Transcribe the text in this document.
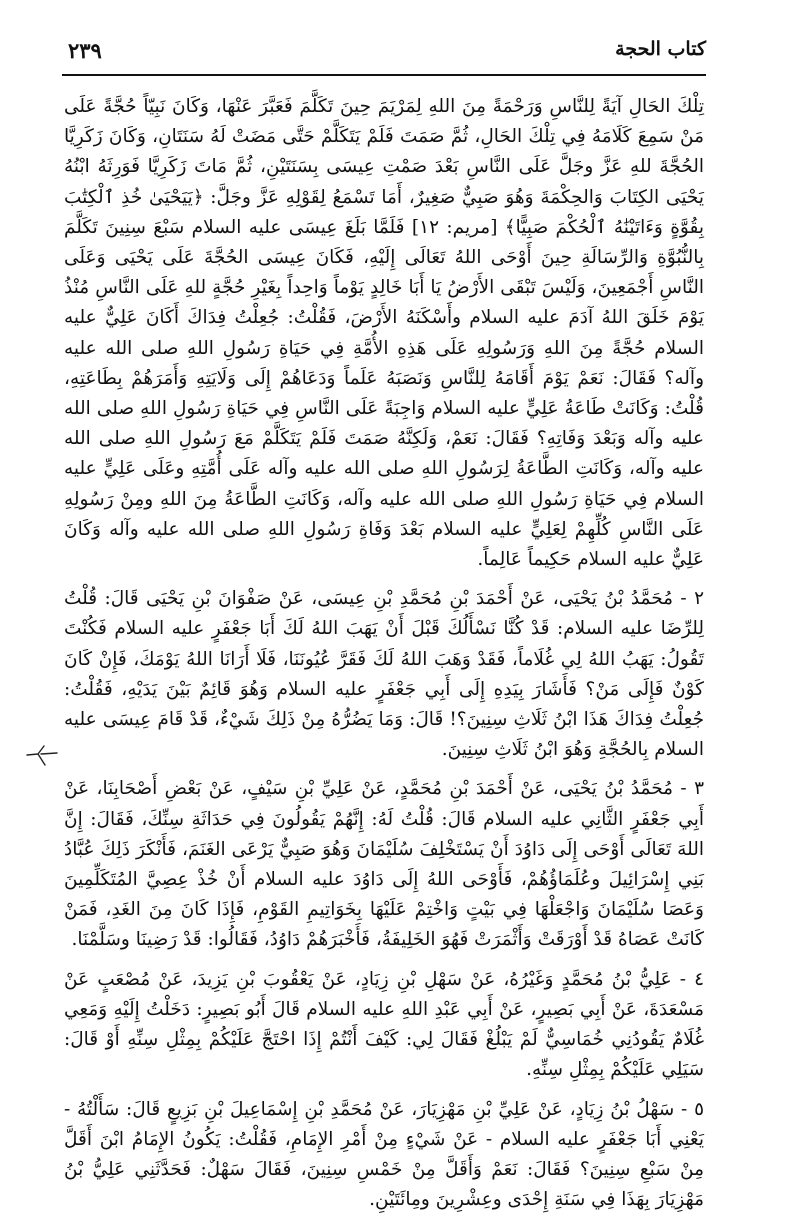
٢٣٩	كتاب الحجة

تِلْكَ الحَالِ آيَةً لِلنَّاسِ وَرَحْمَةً مِنَ اللهِ لِمَرْيَمَ حِينَ تَكَلَّمَ فَعَبَّرَ عَنْهَا، وَكَانَ نَبِيّاً حُجَّةً عَلَى مَنْ سَمِعَ كَلَامَهُ فِي تِلْكَ الحَالِ، ثُمَّ صَمَتَ فَلَمْ يَتَكَلَّمْ حَتَّى مَضَتْ لَهُ سَنَتَانِ، وَكَانَ زَكَرِيَّا الحُجَّةَ للهِ عَزَّ وجَلَّ عَلَى النَّاسِ بَعْدَ صَمْتِ عِيسَى بِسَنَتَيْنِ، ثُمَّ مَاتَ زَكَرِيَّا فَوَرِثَهُ ابْنُهُ يَحْيَى الكِتَابَ وَالحِكْمَةَ وَهُوَ صَبِيٌّ صَغِيرٌ، أَمَا تَسْمَعُ لِقَوْلِهِ عَزَّ وجَلَّ: ﴿يَيَحْيَىٰ خُذِ ٱلْكِتَٰبَ بِقُوَّةٍ وَءَاتَيْنَٰهُ ٱلْحُكْمَ صَبِيًّا﴾ [مريم: ١٢] فَلَمَّا بَلَغَ عِيسَى عليه السلام سَبْعَ سِنِينَ تَكَلَّمَ بِالنُّبُوَّةِ وَالرِّسَالَةِ حِينَ أَوْحَى اللهُ تَعَالَى إِلَيْهِ، فَكَانَ عِيسَى الحُجَّةَ عَلَى يَحْيَى وَعَلَى النَّاسِ أَجْمَعِينَ، وَلَيْسَ تَبْقَى الأَرْضُ يَا أَبَا خَالِدٍ يَوْماً وَاحِداً بِغَيْرِ حُجَّةٍ للهِ عَلَى النَّاسِ مُنْذُ يَوْمَ خَلَقَ اللهُ آدَمَ عليه السلام وأَسْكَنَهُ الأَرْضَ، فَقُلْتُ: جُعِلْتُ فِدَاكَ أَكَانَ عَلِيٌّ عليه السلام حُجَّةً مِنَ اللهِ وَرَسُولِهِ عَلَى هَذِهِ الأُمَّةِ فِي حَيَاةِ رَسُولِ اللهِ صلى الله عليه وآله؟ فَقَالَ: نَعَمْ يَوْمَ أَقَامَهُ لِلنَّاسِ وَنَصَبَهُ عَلَماً وَدَعَاهُمْ إِلَى وَلَايَتِهِ وَأَمَرَهُمْ بِطَاعَتِهِ، قُلْتُ: وَكَانَتْ طَاعَةُ عَلِيٍّ عليه السلام وَاجِبَةً عَلَى النَّاسِ فِي حَيَاةِ رَسُولِ اللهِ صلى الله عليه وآله وَبَعْدَ وَفَاتِهِ؟ فَقَالَ: نَعَمْ، وَلَكِنَّهُ صَمَتَ فَلَمْ يَتَكَلَّمْ مَعَ رَسُولِ اللهِ صلى الله عليه وآله، وَكَانَتِ الطَّاعَةُ لِرَسُولِ اللهِ صلى الله عليه وآله عَلَى أُمَّتِهِ وعَلَى عَلِيٍّ عليه السلام فِي حَيَاةِ رَسُولِ اللهِ صلى الله عليه وآله، وَكَانَتِ الطَّاعَةُ مِنَ اللهِ ومِنْ رَسُولِهِ عَلَى النَّاسِ كُلِّهِمْ لِعَلِيٍّ عليه السلام بَعْدَ وَفَاةِ رَسُولِ اللهِ صلى الله عليه وآله وَكَانَ عَلِيٌّ عليه السلام حَكِيماً عَالِماً.

٢ - مُحَمَّدُ بْنُ يَحْيَى، عَنْ أَحْمَدَ بْنِ مُحَمَّدِ بْنِ عِيسَى، عَنْ صَفْوَانَ بْنِ يَحْيَى قَالَ: قُلْتُ لِلرِّضَا عليه السلام: قَدْ كُنَّا نَسْأَلُكَ قَبْلَ أَنْ يَهَبَ اللهُ لَكَ أَبَا جَعْفَرٍ عليه السلام فَكُنْتَ تَقُولُ: يَهَبُ اللهُ لِي غُلَاماً، فَقَدْ وَهَبَ اللهُ لَكَ فَقَرَّ عُيُونَنَا، فَلَا أَرَانَا اللهُ يَوْمَكَ، فَإِنْ كَانَ كَوْنٌ فَإِلَى مَنْ؟ فَأَشَارَ بِيَدِهِ إِلَى أَبِي جَعْفَرٍ عليه السلام وَهُوَ قَائِمٌ بَيْنَ يَدَيْهِ، فَقُلْتُ: جُعِلْتُ فِدَاكَ هَذَا ابْنُ ثَلَاثِ سِنِينَ؟! قَالَ: وَمَا يَضُرُّهُ مِنْ ذَلِكَ شَيْءٌ، قَدْ قَامَ عِيسَى عليه السلام بِالحُجَّةِ وَهُوَ ابْنُ ثَلَاثِ سِنِينَ.

٣ - مُحَمَّدُ بْنُ يَحْيَى، عَنْ أَحْمَدَ بْنِ مُحَمَّدٍ، عَنْ عَلِيِّ بْنِ سَيْفٍ، عَنْ بَعْضِ أَصْحَابِنَا، عَنْ أَبِي جَعْفَرٍ الثَّانِي عليه السلام قَالَ: قُلْتُ لَهُ: إِنَّهُمْ يَقُولُونَ فِي حَدَاثَةِ سِنِّكَ، فَقَالَ: إِنَّ اللهَ تَعَالَى أَوْحَى إِلَى دَاوُدَ أَنْ يَسْتَخْلِفَ سُلَيْمَانَ وَهُوَ صَبِيٌّ يَرْعَى الغَنَمَ، فَأَنْكَرَ ذَلِكَ عُبَّادُ بَنِي إِسْرَائِيلَ وعُلَمَاؤُهُمْ، فَأَوْحَى اللهُ إِلَى دَاوُدَ عليه السلام أَنْ خُذْ عِصِيَّ المُتَكَلِّمِينَ وَعَصَا سُلَيْمَانَ وَاجْعَلْهَا فِي بَيْتٍ وَاخْتِمْ عَلَيْهَا بِخَوَاتِيمِ القَوْمِ، فَإِذَا كَانَ مِنَ الغَدِ، فَمَنْ كَانَتْ عَصَاهُ قَدْ أَوْرَقَتْ وَأَثْمَرَتْ فَهُوَ الخَلِيفَةُ، فَأَخْبَرَهُمْ دَاوُدُ، فَقَالُوا: قَدْ رَضِينَا وسَلَّمْنَا.

٤ - عَلِيُّ بْنُ مُحَمَّدٍ وَغَيْرُهُ، عَنْ سَهْلِ بْنِ زِيَادٍ، عَنْ يَعْقُوبَ بْنِ يَزِيدَ، عَنْ مُصْعَبٍ عَنْ مَسْعَدَةَ، عَنْ أَبِي بَصِيرٍ، عَنْ أَبِي عَبْدِ اللهِ عليه السلام قَالَ أَبُو بَصِيرٍ: دَخَلْتُ إِلَيْهِ وَمَعِي غُلَامٌ يَقُودُنِي خُمَاسِيٌّ لَمْ يَبْلُغْ فَقَالَ لِي: كَيْفَ أَنْتُمْ إِذَا احْتَجَّ عَلَيْكُمْ بِمِثْلِ سِنِّهِ أَوْ قَالَ: سَيَلِي عَلَيْكُمْ بِمِثْلِ سِنِّهِ.

٥ - سَهْلُ بْنُ زِيَادٍ، عَنْ عَلِيِّ بْنِ مَهْزِيَارَ، عَنْ مُحَمَّدِ بْنِ إِسْمَاعِيلَ بْنِ بَزِيعٍ قَالَ: سَأَلْتُهُ - يَعْنِي أَبَا جَعْفَرٍ عليه السلام - عَنْ شَيْءٍ مِنْ أَمْرِ الإِمَامِ، فَقُلْتُ: يَكُونُ الإِمَامُ ابْنَ أَقَلَّ مِنْ سَبْعِ سِنِينَ؟ فَقَالَ: نَعَمْ وَأَقَلَّ مِنْ خَمْسِ سِنِينَ، فَقَالَ سَهْلٌ: فَحَدَّثَنِي عَلِيُّ بْنُ مَهْزِيَارَ بِهَذَا فِي سَنَةِ إِحْدَى وعِشْرِينَ ومِائَتَيْنِ.
